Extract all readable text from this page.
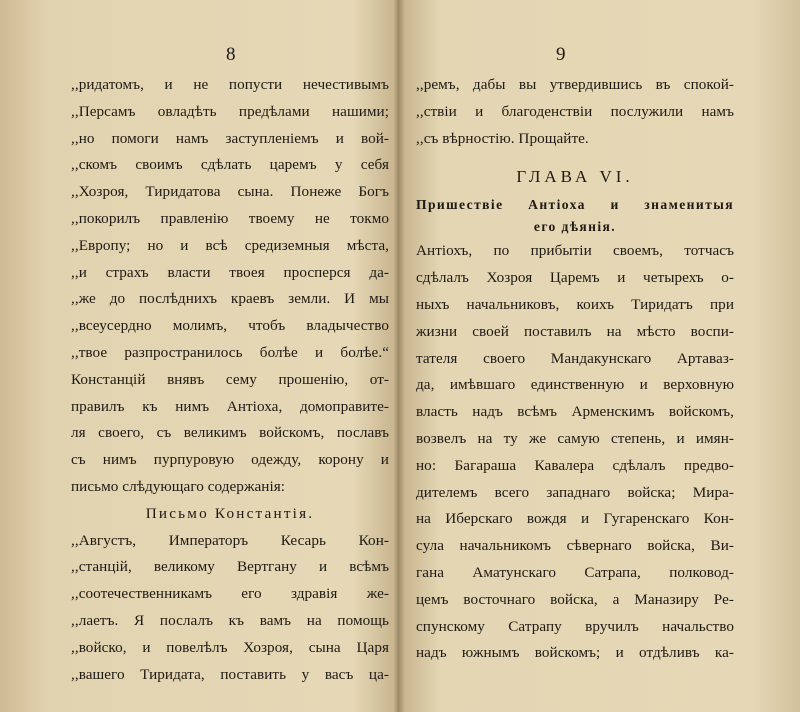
8
,,ридатомъ, и не попусти нечестивымъ
,,Персамъ овладѣть предѣлами нашими;
,,но помоги намъ заступленіемъ и вой-
,,скомъ своимъ сдѣлать царемъ у себя
,,Хозроя, Тиридатова сына. Понеже Богъ
,,покорилъ правленію твоему не токмо
,,Европу; но и всѣ средиземныя мѣста,
,,и страхъ власти твоея просперся да-
,,же до послѣднихъ краевъ земли. И мы
,,всеусердно молимъ, чтобъ владычество
,,твое разпространилось болѣе и болѣе.“
Констанцій внявъ сему прошенію, от-
правилъ къ нимъ Антіоха, домоправите-
ля своего, съ великимъ войскомъ, пославъ
съ нимъ пурпуровую одежду, корону и
письмо слѣдующаго содержанія:
Письмо Константія.
,,Августъ, Императоръ Кесарь Кон-
,,станцій, великому Вертгану и всѣмъ
,,соотечественникамъ его здравія же-
,,лаетъ. Я послалъ къ вамъ на помощь
,,войско, и повелѣлъ Хозроя, сына Царя
,,вашего Тиридата, поставить у васъ ца-
9
,,ремъ, дабы вы утвердившись въ спокой-
,,ствіи и благоденствіи послужили намъ
,,съ вѣрностію. Прощайте.
ГЛАВА VI.
Пришествіе Антіоха и знаменитыя
его дѣянія.
Антіохъ, по прибытіи своемъ, тотчасъ
сдѣлалъ Хозроя Царемъ и четырехъ о-
ныхъ начальниковъ, коихъ Тиридатъ при
жизни своей поставилъ на мѣсто воспи-
тателя своего Мандакунскаго Артаваз-
да, имѣвшаго единственную и верховную
власть надъ всѣмъ Арменскимъ войскомъ,
возвелъ на ту же самую степень, и имян-
но: Багараша Кавалера сдѣлалъ предво-
дителемъ всего западнаго войска; Мира-
на Иберскаго вождя и Гугаренскаго Кон-
сула начальникомъ сѣвернаго войска, Ви-
гана Аматунскаго Сатрапа, полковод-
цемъ восточнаго войска, а Маназиру Ре-
спунскому Сатрапу вручилъ начальство
надъ южнымъ войскомъ; и отдѣливъ ка-
